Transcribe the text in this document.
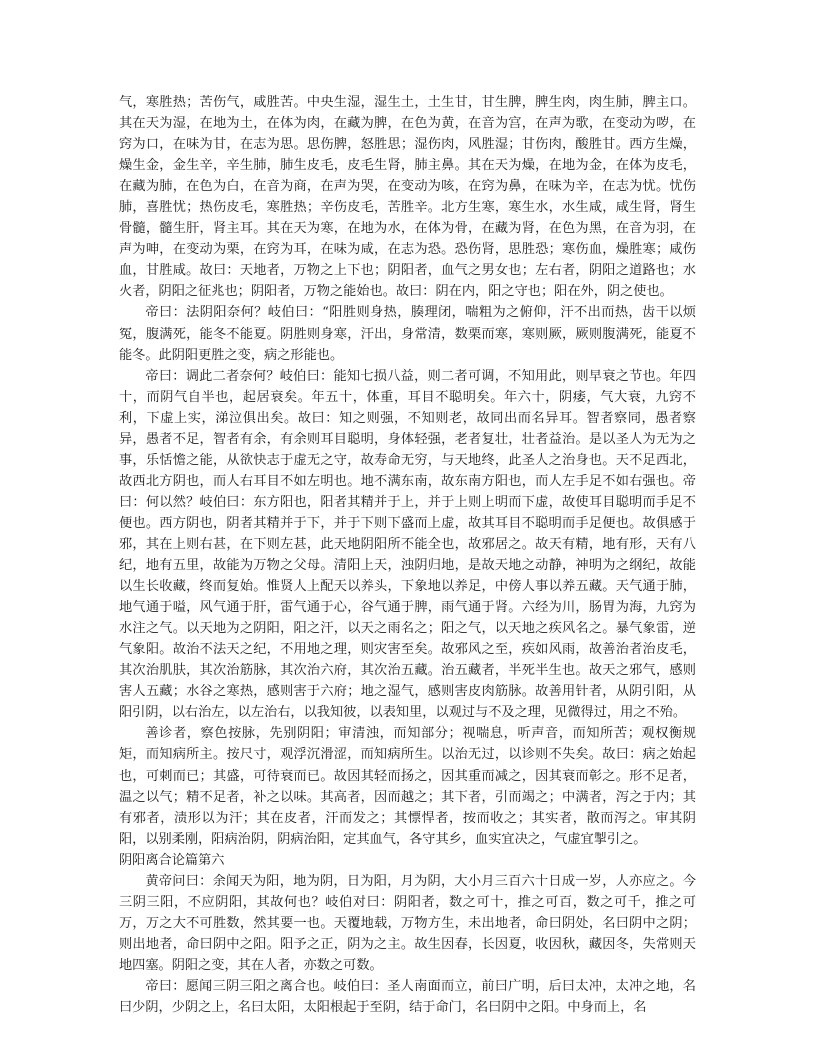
气，寒胜热；苦伤气，咸胜苦。中央生湿，湿生土，土生甘，甘生脾，脾生肉，肉生肺，脾主口。其在天为湿，在地为土，在体为肉，在藏为脾，在色为黄，在音为宫，在声为歌，在变动为哕，在窍为口，在味为甘，在志为思。思伤脾，怒胜思；湿伤肉，风胜湿；甘伤肉，酸胜甘。西方生燥，燥生金，金生辛，辛生肺，肺生皮毛，皮毛生肾，肺主鼻。其在天为燥，在地为金，在体为皮毛，在藏为肺，在色为白，在音为商，在声为哭，在变动为咳，在窍为鼻，在味为辛，在志为忧。忧伤肺，喜胜忧；热伤皮毛，寒胜热；辛伤皮毛，苦胜辛。北方生寒，寒生水，水生咸，咸生肾，肾生骨髓，髓生肝，肾主耳。其在天为寒，在地为水，在体为骨，在藏为肾，在色为黑，在音为羽，在声为呻，在变动为栗，在窍为耳，在味为咸，在志为恐。恐伤肾，思胜恐；寒伤血，燥胜寒；咸伤血，甘胜咸。故曰：天地者，万物之上下也；阴阳者，血气之男女也；左右者，阴阳之道路也；水火者，阴阳之征兆也；阴阳者，万物之能始也。故曰：阴在内，阳之守也；阳在外，阴之使也。

帝曰：法阴阳奈何？岐伯曰：“阳胜则身热，腠理闭，喘粗为之俯仰，汗不出而热，齿干以烦冤，腹满死，能冬不能夏。阴胜则身寒，汗出，身常清，数栗而寒，寒则厥，厥则腹满死，能夏不能冬。此阴阳更胜之变，病之形能也。

帝曰：调此二者奈何？岐伯曰：能知七损八益，则二者可调，不知用此，则早衰之节也。年四十，而阴气自半也，起居衰矣。年五十，体重，耳目不聪明矣。年六十，阴痿，气大衰，九窍不利，下虚上实，涕泣俱出矣。故曰：知之则强，不知则老，故同出而名异耳。智者察同，愚者察异，愚者不足，智者有余，有余则耳目聪明，身体轻强，老者复壮，壮者益治。是以圣人为无为之事，乐恬憺之能，从欲快志于虚无之守，故寿命无穷，与天地终，此圣人之治身也。天不足西北，故西北方阴也，而人右耳目不如左明也。地不满东南，故东南方阳也，而人左手足不如右强也。帝曰：何以然？岐伯曰：东方阳也，阳者其精并于上，并于上则上明而下虚，故使耳目聪明而手足不便也。西方阴也，阴者其精并于下，并于下则下盛而上虚，故其耳目不聪明而手足便也。故俱感于邪，其在上则右甚，在下则左甚，此天地阴阳所不能全也，故邪居之。故天有精，地有形，天有八纪，地有五里，故能为万物之父母。清阳上天，浊阴归地，是故天地之动静，神明为之纲纪，故能以生长收藏，终而复始。惟贤人上配天以养头，下象地以养足，中傍人事以养五藏。天气通于肺，地气通于嗌，风气通于肝，雷气通于心，谷气通于脾，雨气通于肾。六经为川，肠胃为海，九窍为水注之气。以天地为之阴阳，阳之汗，以天之雨名之；阳之气，以天地之疾风名之。暴气象雷，逆气象阳。故治不法天之纪，不用地之理，则灾害至矣。故邪风之至，疾如风雨，故善治者治皮毛，其次治肌肤，其次治筋脉，其次治六府，其次治五藏。治五藏者，半死半生也。故天之邪气，感则害人五藏；水谷之寒热，感则害于六府；地之湿气，感则害皮肉筋脉。故善用针者，从阴引阳，从阳引阴，以右治左，以左治右，以我知彼，以表知里，以观过与不及之理，见微得过，用之不殆。

善诊者，察色按脉，先别阴阳；审清浊，而知部分；视喘息，听声音，而知所苦；观权衡规矩，而知病所主。按尺寸，观浮沉滑涩，而知病所生。以治无过，以诊则不失矣。故曰：病之始起也，可刺而已；其盛，可待衰而已。故因其轻而扬之，因其重而减之，因其衰而彰之。形不足者，温之以气；精不足者，补之以味。其高者，因而越之；其下者，引而竭之；中满者，泻之于内；其有邪者，渍形以为汗；其在皮者，汗而发之；其慓悍者，按而收之；其实者，散而泻之。审其阴阳，以别柔刚，阳病治阴，阴病治阳，定其血气，各守其乡，血实宜决之，气虚宜掣引之。

阴阳离合论篇第六

黄帝问曰：余闻天为阳，地为阴，日为阳，月为阴，大小月三百六十日成一岁，人亦应之。今三阴三阳，不应阴阳，其故何也？岐伯对曰：阴阳者，数之可十，推之可百，数之可千，推之可万，万之大不可胜数，然其要一也。天覆地载，万物方生，未出地者，命曰阴处，名曰阴中之阴；则出地者，命曰阴中之阳。阳予之正，阴为之主。故生因春，长因夏，收因秋，藏因冬，失常则天地四塞。阴阳之变，其在人者，亦数之可数。

帝曰：愿闻三阴三阳之离合也。岐伯曰：圣人南面而立，前曰广明，后曰太冲，太冲之地，名曰少阴，少阴之上，名曰太阳，太阳根起于至阴，结于命门，名曰阴中之阳。中身而上，名
